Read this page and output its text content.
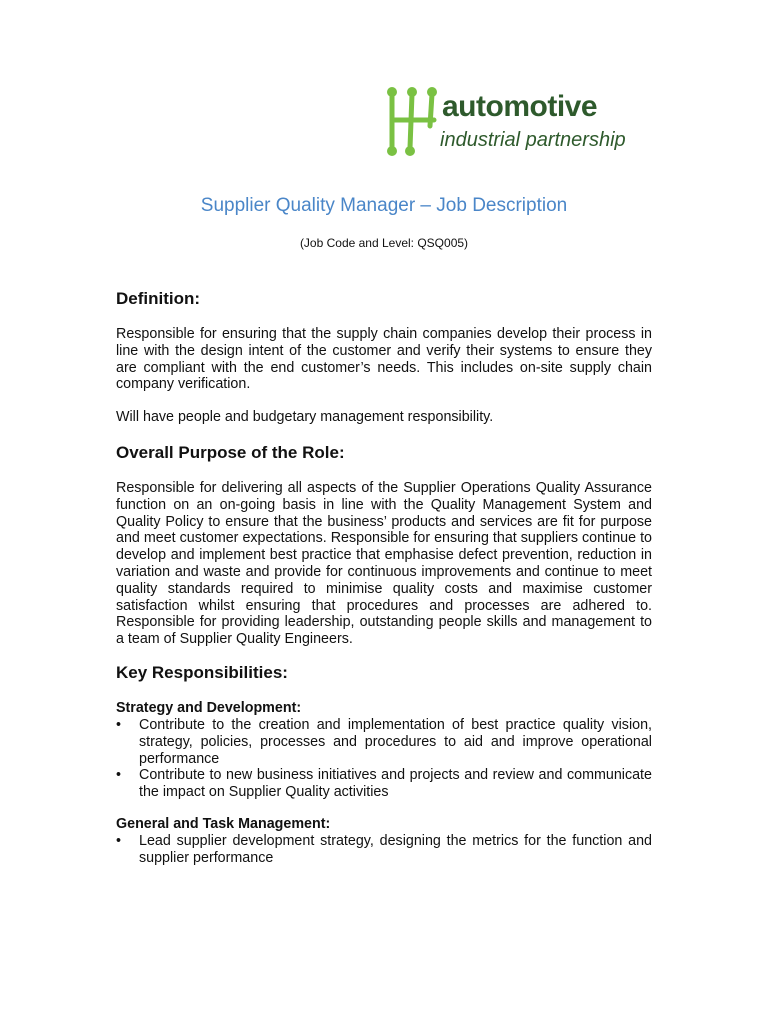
automotive
industrial partnership
Supplier Quality Manager – Job Description
(Job Code and Level: QSQ005)
Definition:

Responsible for ensuring that the supply chain companies develop their process in line with the design intent of the customer and verify their systems to ensure they are compliant with the end customer’s needs. This includes on-site supply chain company verification.

Will have people and budgetary management responsibility.

Overall Purpose of the Role:

Responsible for delivering all aspects of the Supplier Operations Quality Assurance function on an on-going basis in line with the Quality Management System and Quality Policy to ensure that the business’ products and services are fit for purpose and meet customer expectations. Responsible for ensuring that suppliers continue to develop and implement best practice that emphasise defect prevention, reduction in variation and waste and provide for continuous improvements and continue to meet quality standards required to minimise quality costs and maximise customer satisfaction whilst ensuring that procedures and processes are adhered to. Responsible for providing leadership, outstanding people skills and management to a team of Supplier Quality Engineers.

Key Responsibilities:
Strategy and Development:
• Contribute to the creation and implementation of best practice quality vision, strategy, policies, processes and procedures to aid and improve operational performance
• Contribute to new business initiatives and projects and review and communicate the impact on Supplier Quality activities
General and Task Management:
• Lead supplier development strategy, designing the metrics for the function and supplier performance
